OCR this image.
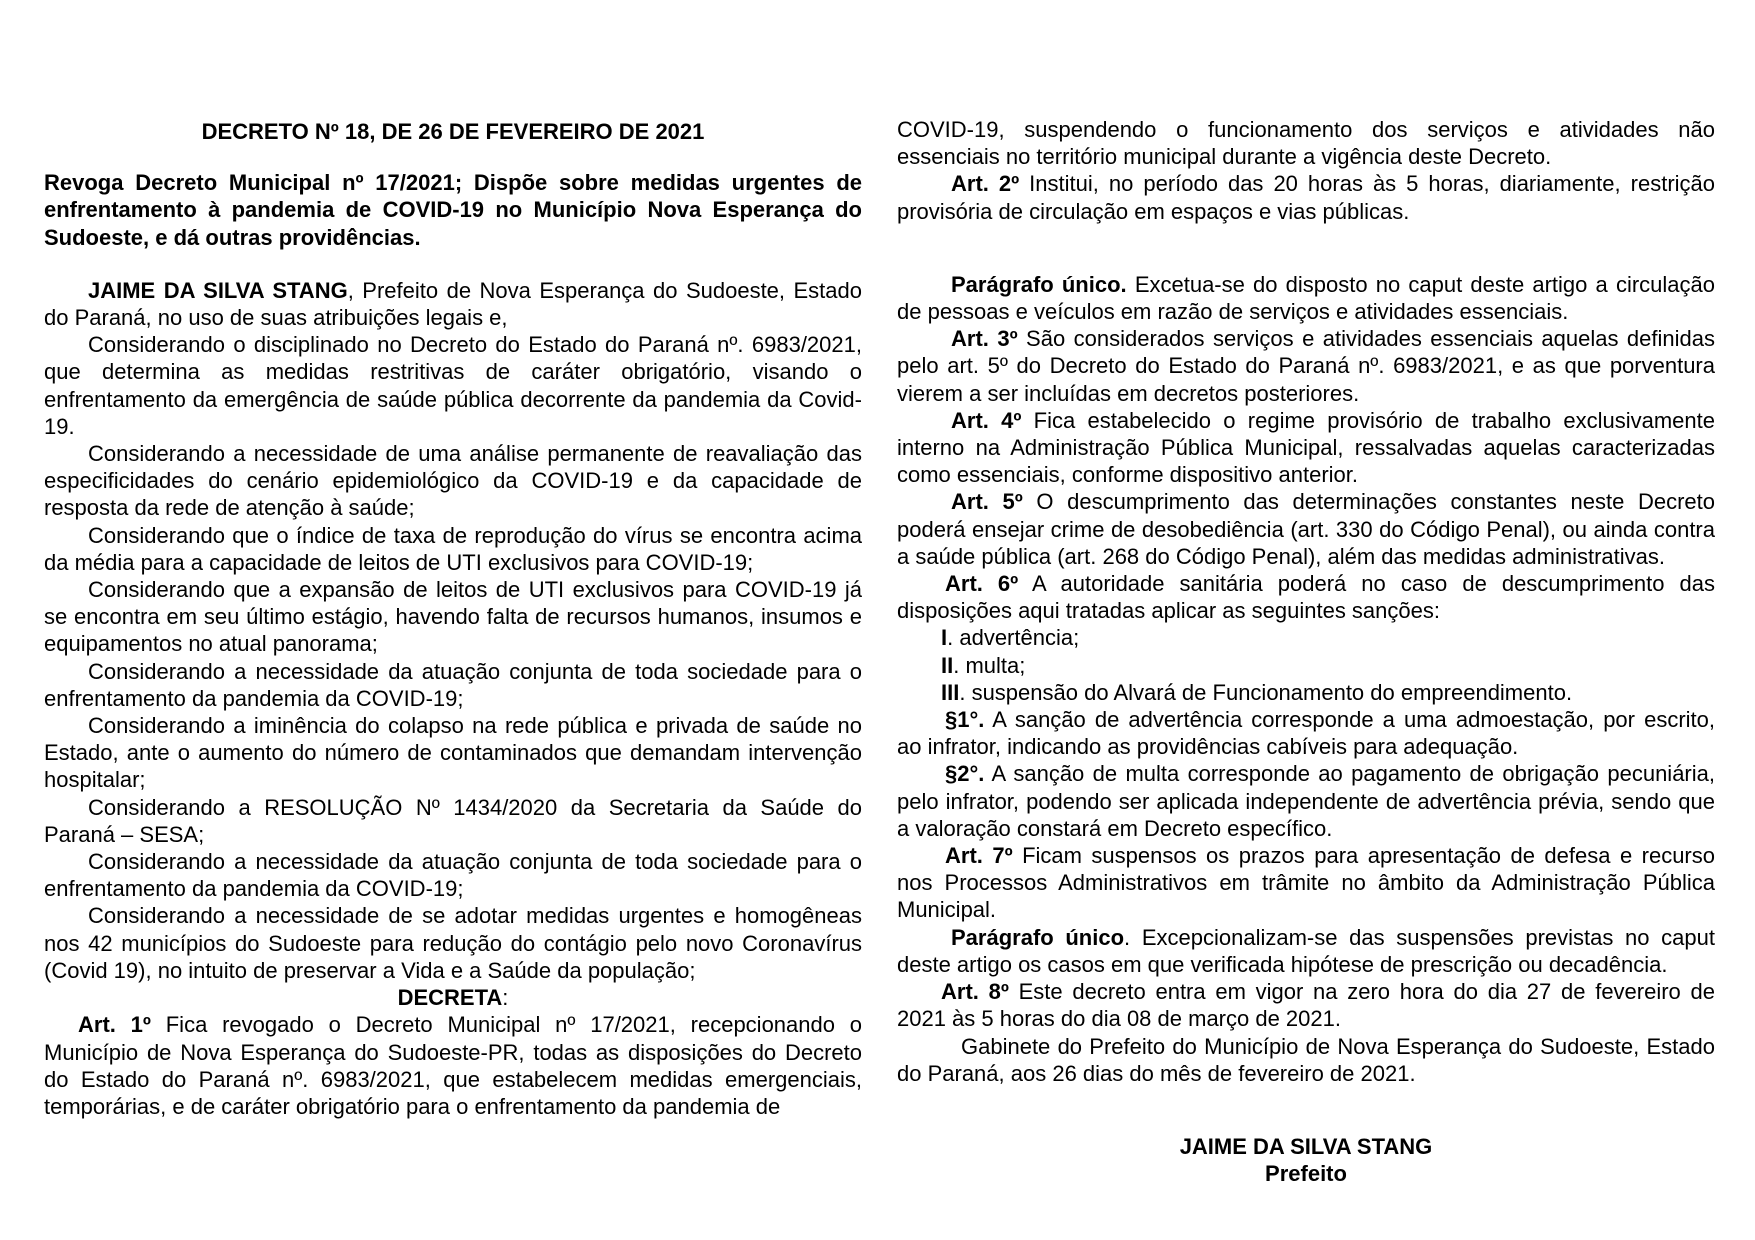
DECRETO Nº 18, DE 26 DE FEVEREIRO DE 2021

Revoga Decreto Municipal nº 17/2021; Dispõe sobre medidas urgentes de enfrentamento à pandemia de COVID-19 no Município Nova Esperança do Sudoeste, e dá outras providências.

JAIME DA SILVA STANG, Prefeito de Nova Esperança do Sudoeste, Estado do Paraná, no uso de suas atribuições legais e,

Considerando o disciplinado no Decreto do Estado do Paraná nº. 6983/2021, que determina as medidas restritivas de caráter obrigatório, visando o enfrentamento da emergência de saúde pública decorrente da pandemia da Covid-19.

Considerando a necessidade de uma análise permanente de reavaliação das especificidades do cenário epidemiológico da COVID-19 e da capacidade de resposta da rede de atenção à saúde;

Considerando que o índice de taxa de reprodução do vírus se encontra acima da média para a capacidade de leitos de UTI exclusivos para COVID-19;

Considerando que a expansão de leitos de UTI exclusivos para COVID-19 já se encontra em seu último estágio, havendo falta de recursos humanos, insumos e equipamentos no atual panorama;

Considerando a necessidade da atuação conjunta de toda sociedade para o enfrentamento da pandemia da COVID-19;

Considerando a iminência do colapso na rede pública e privada de saúde no Estado, ante o aumento do número de contaminados que demandam intervenção hospitalar;

Considerando a RESOLUÇÃO Nº 1434/2020 da Secretaria da Saúde do Paraná – SESA;

Considerando a necessidade da atuação conjunta de toda sociedade para o enfrentamento da pandemia da COVID-19;

Considerando a necessidade de se adotar medidas urgentes e homogêneas nos 42 municípios do Sudoeste para redução do contágio pelo novo Coronavírus (Covid 19), no intuito de preservar a Vida e a Saúde da população;

DECRETA:

Art. 1º Fica revogado o Decreto Municipal nº 17/2021, recepcionando o Município de Nova Esperança do Sudoeste-PR, todas as disposições do Decreto do Estado do Paraná nº. 6983/2021, que estabelecem medidas emergenciais, temporárias, e de caráter obrigatório para o enfrentamento da pandemia de

COVID-19, suspendendo o funcionamento dos serviços e atividades não essenciais no território municipal durante a vigência deste Decreto.

Art. 2º Institui, no período das 20 horas às 5 horas, diariamente, restrição provisória de circulação em espaços e vias públicas.

Parágrafo único. Excetua-se do disposto no caput deste artigo a circulação de pessoas e veículos em razão de serviços e atividades essenciais.

Art. 3º São considerados serviços e atividades essenciais aquelas definidas pelo art. 5º do Decreto do Estado do Paraná nº. 6983/2021, e as que porventura vierem a ser incluídas em decretos posteriores.

Art. 4º Fica estabelecido o regime provisório de trabalho exclusivamente interno na Administração Pública Municipal, ressalvadas aquelas caracterizadas como essenciais, conforme dispositivo anterior.

Art. 5º O descumprimento das determinações constantes neste Decreto poderá ensejar crime de desobediência (art. 330 do Código Penal), ou ainda contra a saúde pública (art. 268 do Código Penal), além das medidas administrativas.

Art. 6º A autoridade sanitária poderá no caso de descumprimento das disposições aqui tratadas aplicar as seguintes sanções:

I. advertência;

II. multa;

III. suspensão do Alvará de Funcionamento do empreendimento.

§1°. A sanção de advertência corresponde a uma admoestação, por escrito, ao infrator, indicando as providências cabíveis para adequação.

§2°. A sanção de multa corresponde ao pagamento de obrigação pecuniária, pelo infrator, podendo ser aplicada independente de advertência prévia, sendo que a valoração constará em Decreto específico.

Art. 7º Ficam suspensos os prazos para apresentação de defesa e recurso nos Processos Administrativos em trâmite no âmbito da Administração Pública Municipal.

Parágrafo único. Excepcionalizam-se das suspensões previstas no caput deste artigo os casos em que verificada hipótese de prescrição ou decadência.

Art. 8º Este decreto entra em vigor na zero hora do dia 27 de fevereiro de 2021 às 5 horas do dia 08 de março de 2021.

Gabinete do Prefeito do Município de Nova Esperança do Sudoeste, Estado do Paraná, aos 26 dias do mês de fevereiro de 2021.

JAIME DA SILVA STANG

Prefeito
